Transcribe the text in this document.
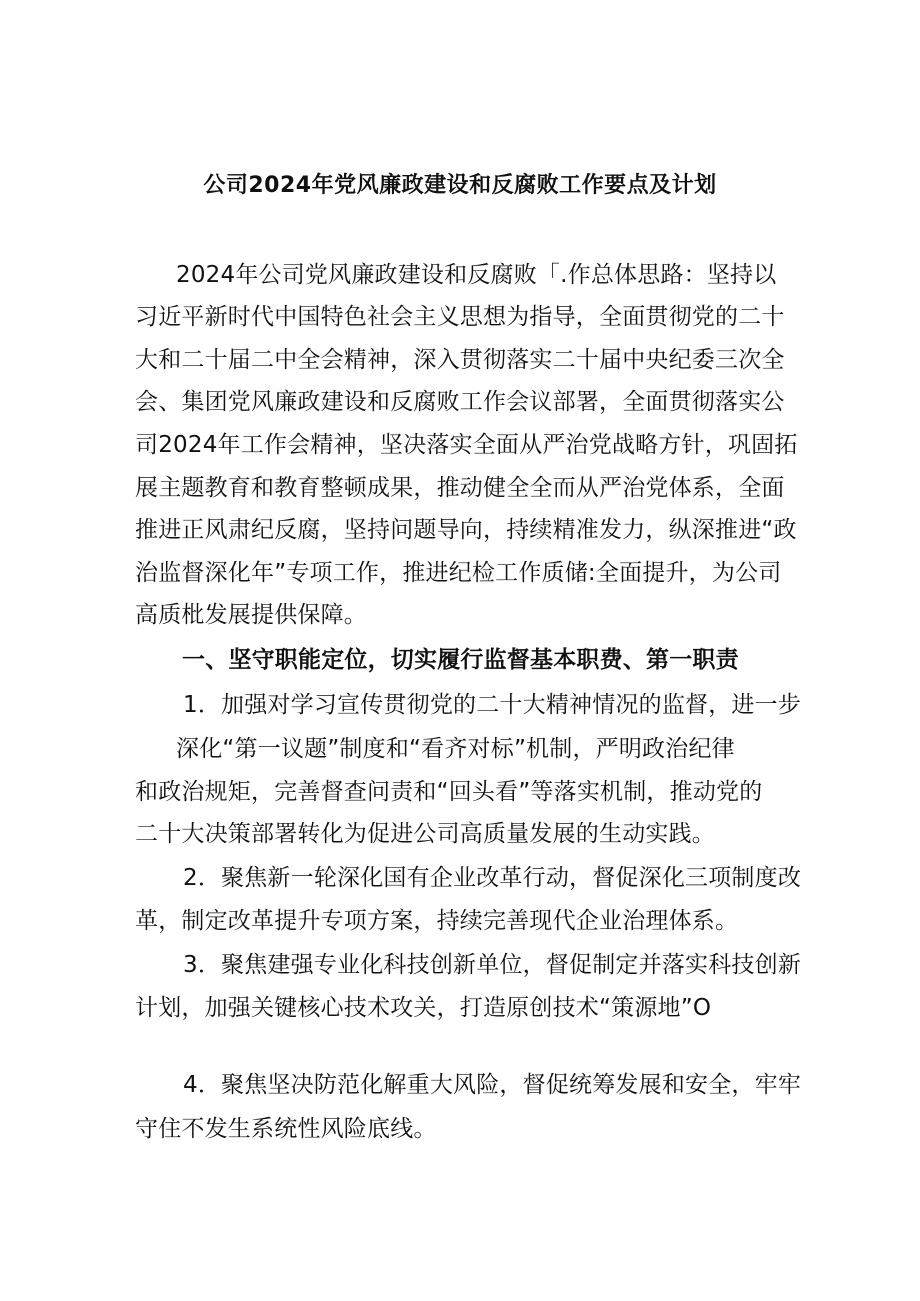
公司2024年党风廉政建设和反腐败工作要点及计划
2024年公司党风廉政建设和反腐败「.作总体思路：坚持以
习近平新时代中国特色社会主义思想为指导，全面贯彻党的二十
大和二十届二中全会精神，深入贯彻落实二十届中央纪委三次全
会、集团党风廉政建设和反腐败工作会议部署，全面贯彻落实公
司2024年工作会精神，坚决落实全面从严治党战略方针，巩固拓
展主题教育和教育整顿成果，推动健全全而从严治党体系，全面
推进正风肃纪反腐，坚持问题导向，持续精准发力，纵深推进“政
治监督深化年”专项工作，推进纪检工作质储:全面提升，为公司
高质枇发展提供保障。
一、坚守职能定位，切实履行监督基本职费、第一职责
1．加强对学习宣传贯彻党的二十大精神情况的监督，进一步
深化“第一议题”制度和“看齐对标”机制，严明政治纪律
和政治规矩，完善督查问责和“回头看”等落实机制，推动党的
二十大决策部署转化为促进公司高质量发展的生动实践。
2．聚焦新一轮深化国有企业改革行动，督促深化三项制度改
革，制定改革提升专项方案，持续完善现代企业治理体系。
3．聚焦建强专业化科技创新单位，督促制定并落实科技创新
计划，加强关键核心技术攻关，打造原创技术“策源地”O
4．聚焦坚决防范化解重大风险，督促统筹发展和安全，牢牢
守住不发生系统性风险底线。
